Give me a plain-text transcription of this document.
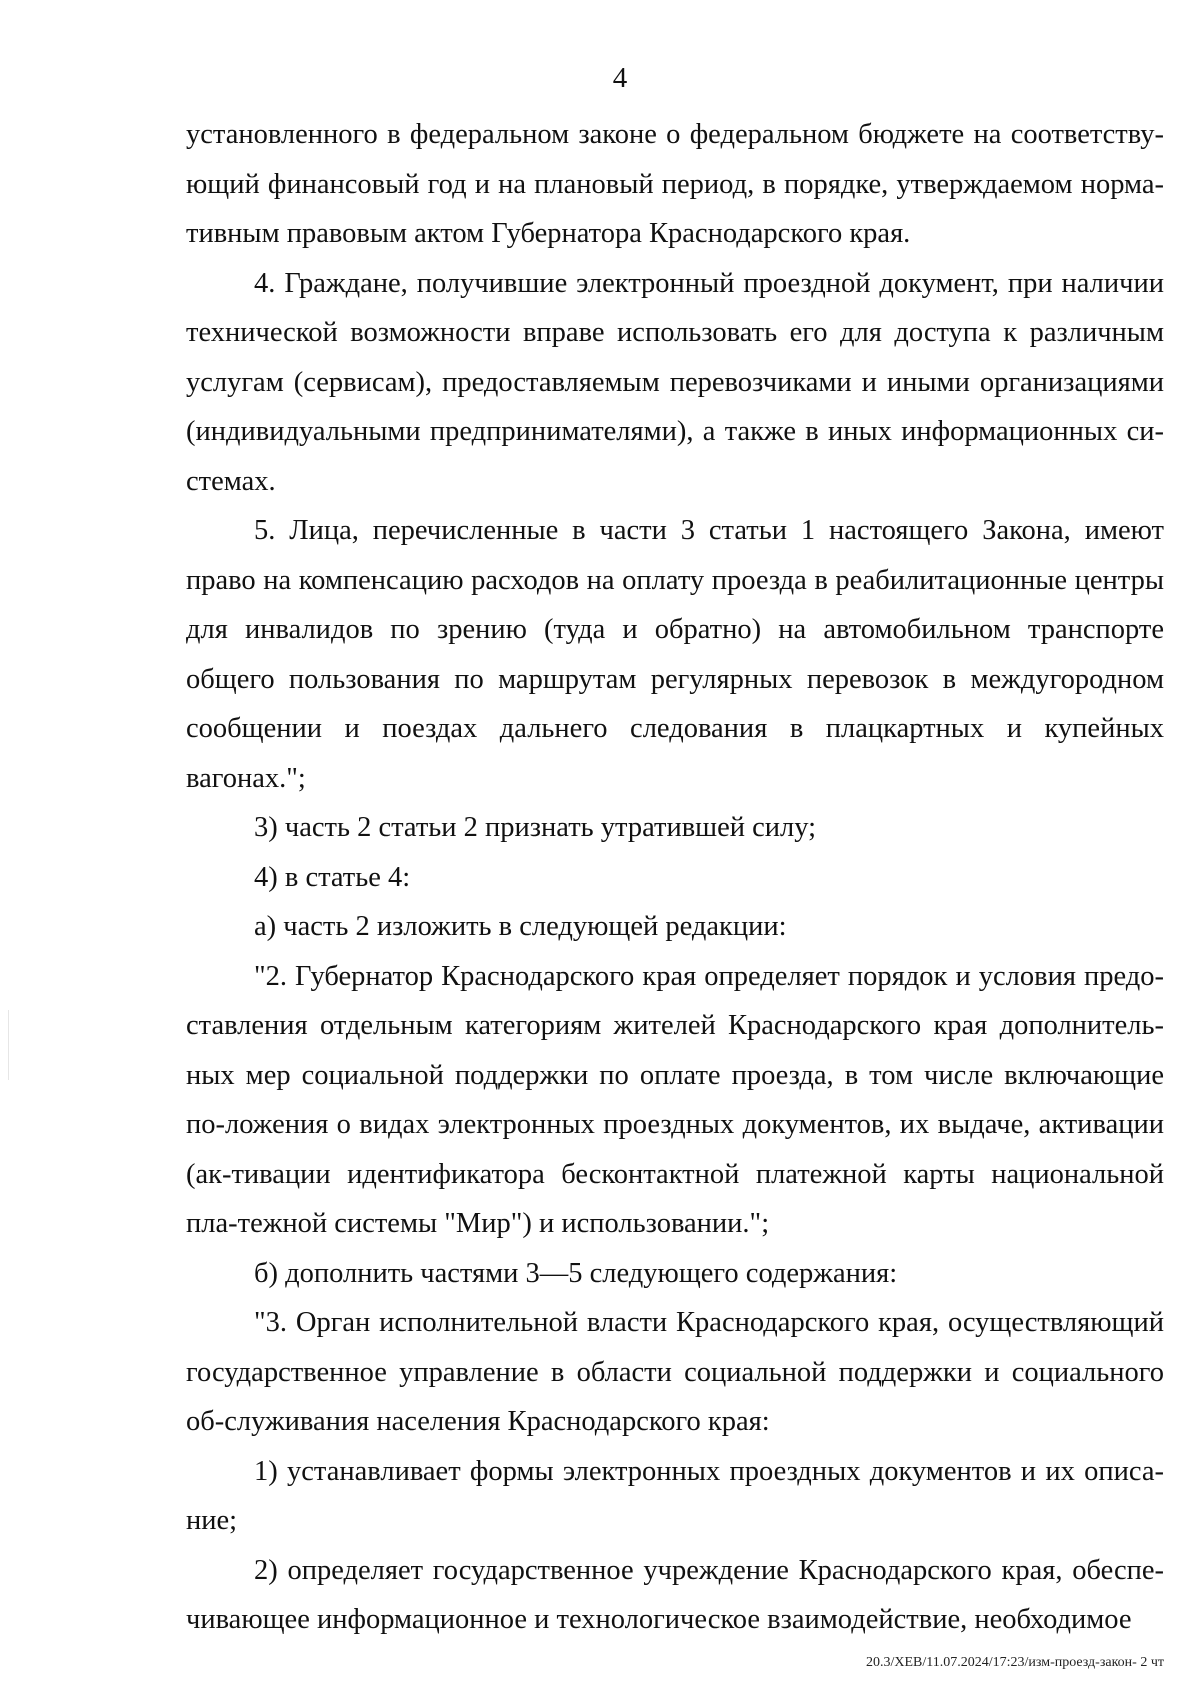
4

установленного в федеральном законе о федеральном бюджете на соответству-ющий финансовый год и на плановый период, в порядке, утверждаемом норма-тивным правовым актом Губернатора Краснодарского края.

4. Граждане, получившие электронный проездной документ, при наличии технической возможности вправе использовать его для доступа к различным услугам (сервисам), предоставляемым перевозчиками и иными организациями (индивидуальными предпринимателями), а также в иных информационных си-стемах.

5. Лица, перечисленные в части 3 статьи 1 настоящего Закона, имеют право на компенсацию расходов на оплату проезда в реабилитационные центры для инвалидов по зрению (туда и обратно) на автомобильном транспорте общего пользования по маршрутам регулярных перевозок в междугородном сообщении и поездах дальнего следования в плацкартных и купейных вагонах.";

3) часть 2 статьи 2 признать утратившей силу;

4) в статье 4:

а) часть 2 изложить в следующей редакции:

"2. Губернатор Краснодарского края определяет порядок и условия предо-ставления отдельным категориям жителей Краснодарского края дополнитель-ных мер социальной поддержки по оплате проезда, в том числе включающие по-ложения о видах электронных проездных документов, их выдаче, активации (ак-тивации идентификатора бесконтактной платежной карты национальной пла-тежной системы "Мир") и использовании.";

б) дополнить частями 3—5 следующего содержания:

"3. Орган исполнительной власти Краснодарского края, осуществляющий государственное управление в области социальной поддержки и социального об-служивания населения Краснодарского края:

1) устанавливает формы электронных проездных документов и их описа-ние;

2) определяет государственное учреждение Краснодарского края, обеспе-чивающее информационное и технологическое взаимодействие, необходимое

20.3/ХЕВ/11.07.2024/17:23/изм-проезд-закон- 2 чт
